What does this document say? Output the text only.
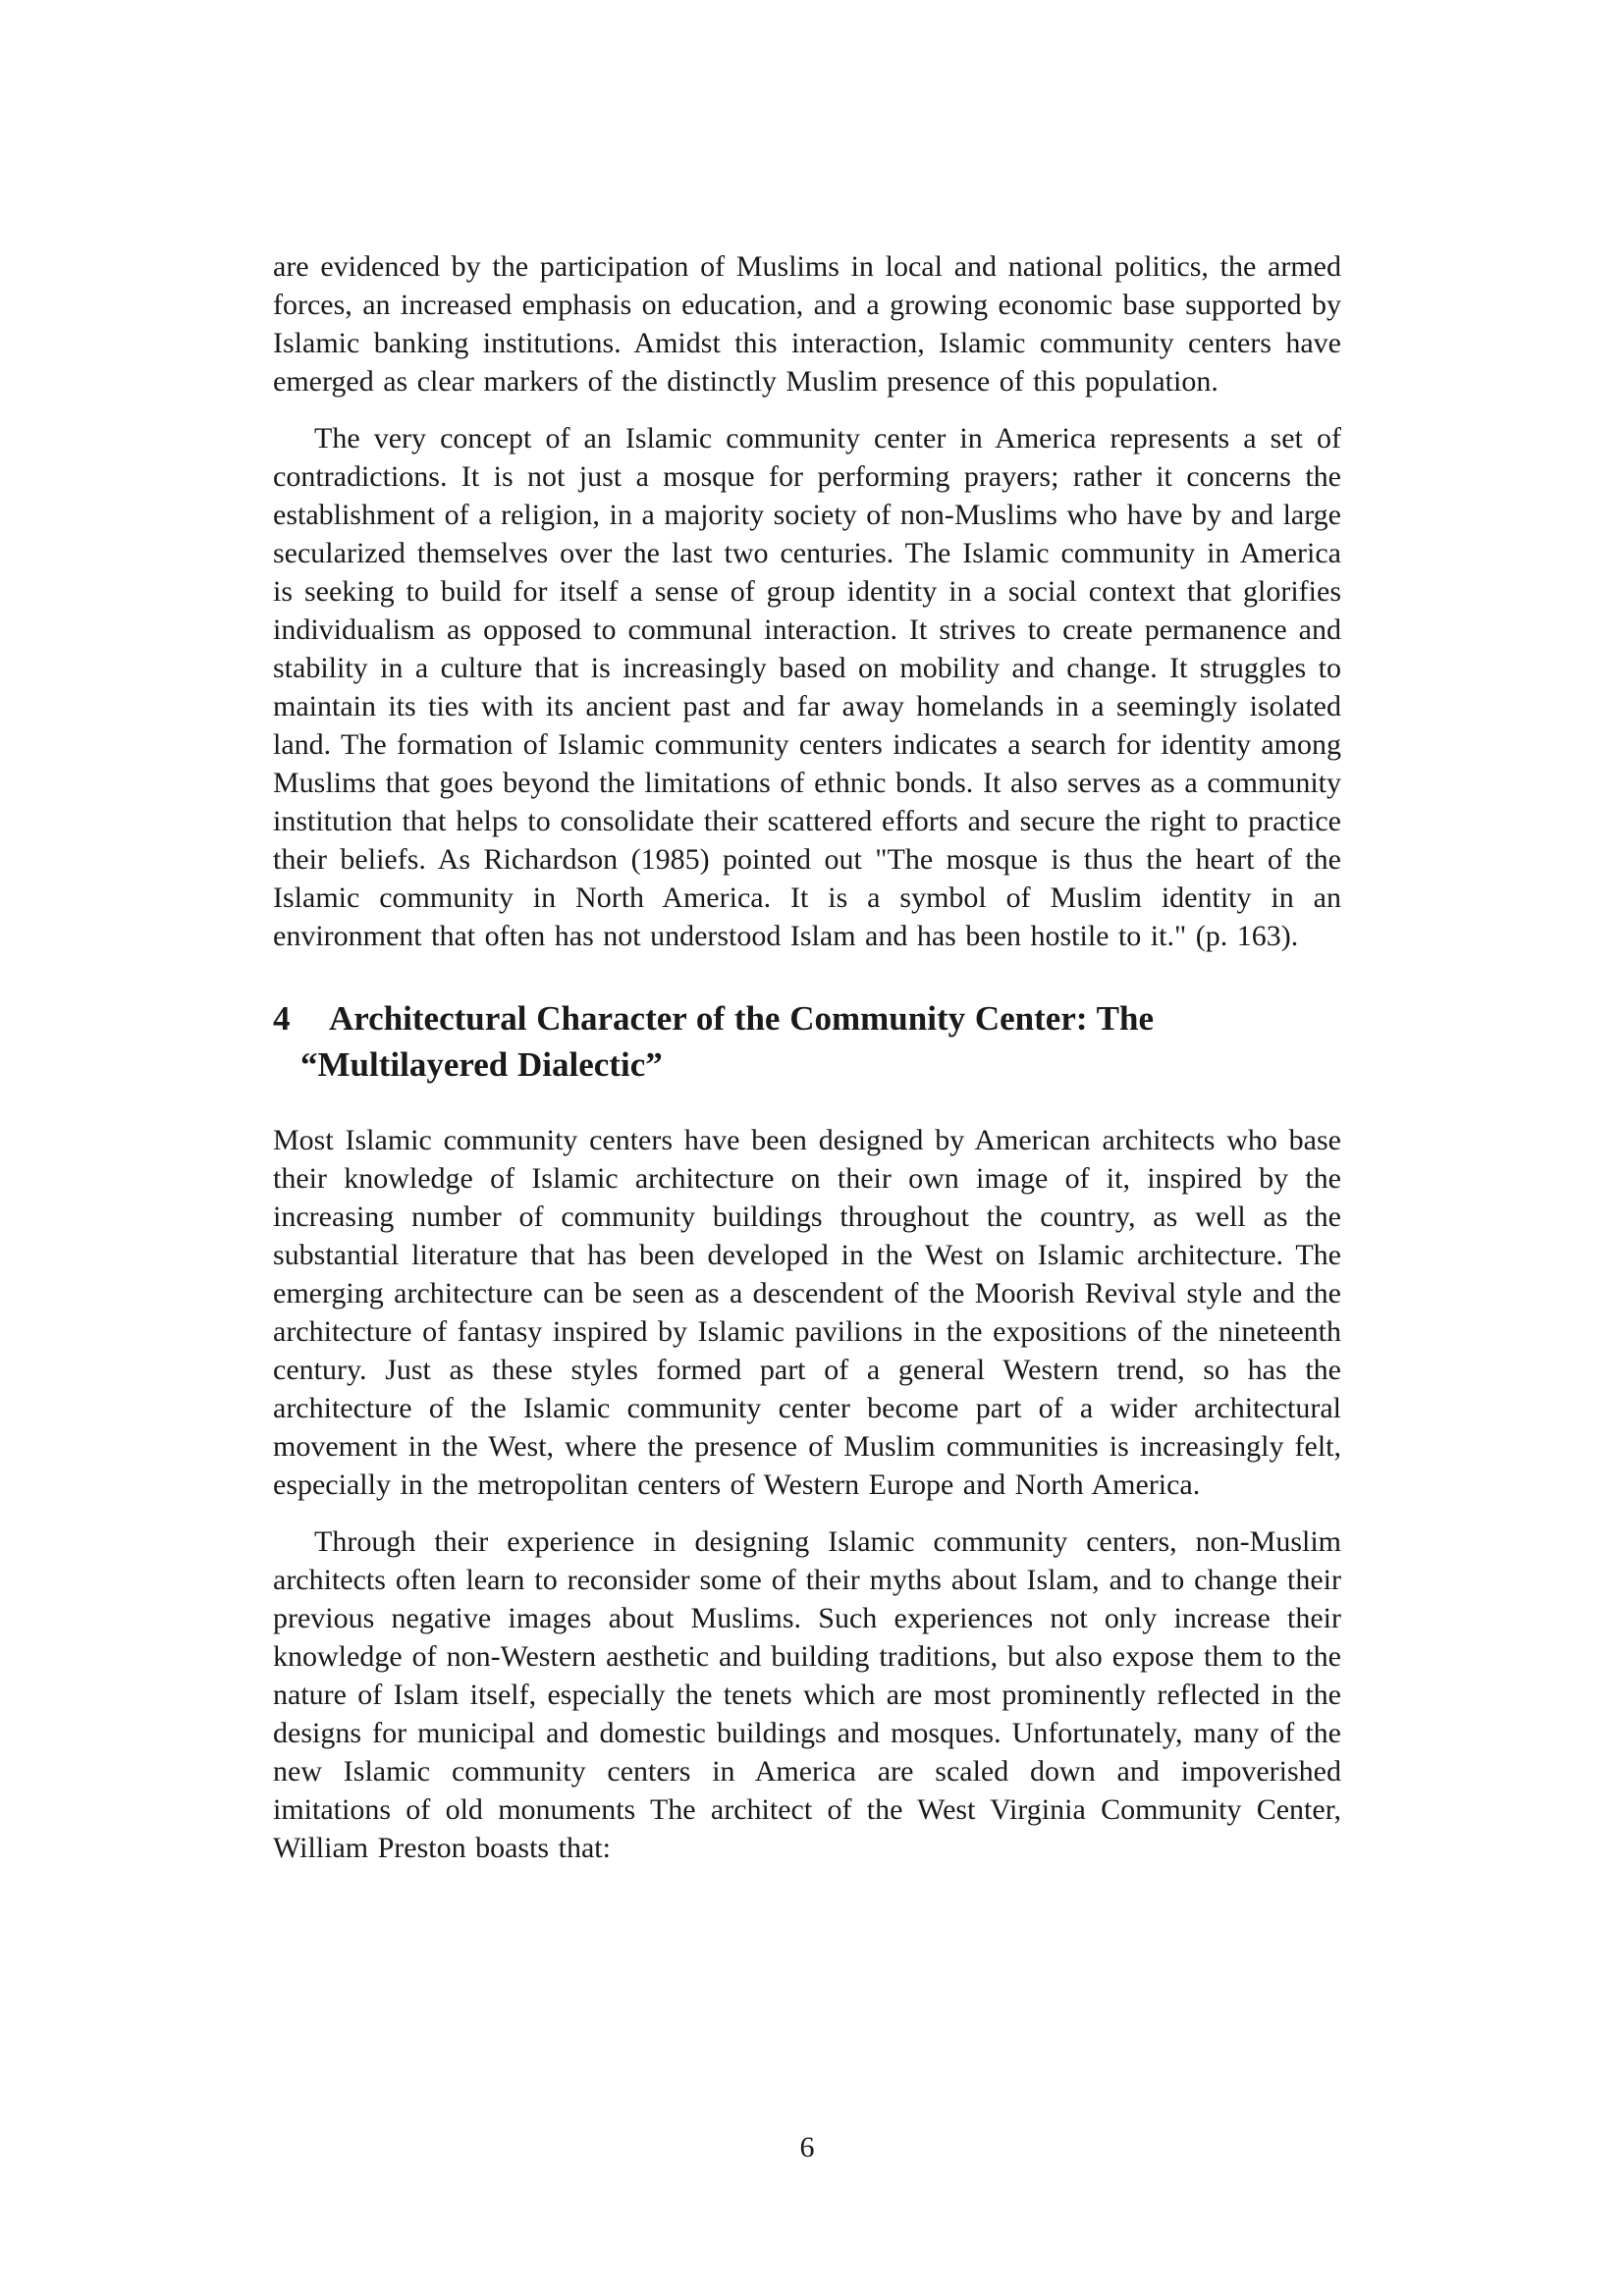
are evidenced by the participation of Muslims in local and national politics, the armed forces, an increased emphasis on education, and a growing economic base supported by Islamic banking institutions. Amidst this interaction, Islamic community centers have emerged as clear markers of the distinctly Muslim presence of this population.

The very concept of an Islamic community center in America represents a set of contradictions. It is not just a mosque for performing prayers; rather it concerns the establishment of a religion, in a majority society of non-Muslims who have by and large secularized themselves over the last two centuries. The Islamic community in America is seeking to build for itself a sense of group identity in a social context that glorifies individualism as opposed to communal interaction. It strives to create permanence and stability in a culture that is increasingly based on mobility and change. It struggles to maintain its ties with its ancient past and far away homelands in a seemingly isolated land. The formation of Islamic community centers indicates a search for identity among Muslims that goes beyond the limitations of ethnic bonds. It also serves as a community institution that helps to consolidate their scattered efforts and secure the right to practice their beliefs. As Richardson (1985) pointed out "The mosque is thus the heart of the Islamic community in North America. It is a symbol of Muslim identity in an environment that often has not understood Islam and has been hostile to it." (p. 163).

4 Architectural Character of the Community Center: The “Multilayered Dialectic”

Most Islamic community centers have been designed by American architects who base their knowledge of Islamic architecture on their own image of it, inspired by the increasing number of community buildings throughout the country, as well as the substantial literature that has been developed in the West on Islamic architecture. The emerging architecture can be seen as a descendent of the Moorish Revival style and the architecture of fantasy inspired by Islamic pavilions in the expositions of the nineteenth century. Just as these styles formed part of a general Western trend, so has the architecture of the Islamic community center become part of a wider architectural movement in the West, where the presence of Muslim communities is increasingly felt, especially in the metropolitan centers of Western Europe and North America.

Through their experience in designing Islamic community centers, non-Muslim architects often learn to reconsider some of their myths about Islam, and to change their previous negative images about Muslims. Such experiences not only increase their knowledge of non-Western aesthetic and building traditions, but also expose them to the nature of Islam itself, especially the tenets which are most prominently reflected in the designs for municipal and domestic buildings and mosques. Unfortunately, many of the new Islamic community centers in America are scaled down and impoverished imitations of old monuments The architect of the West Virginia Community Center, William Preston boasts that:

6
